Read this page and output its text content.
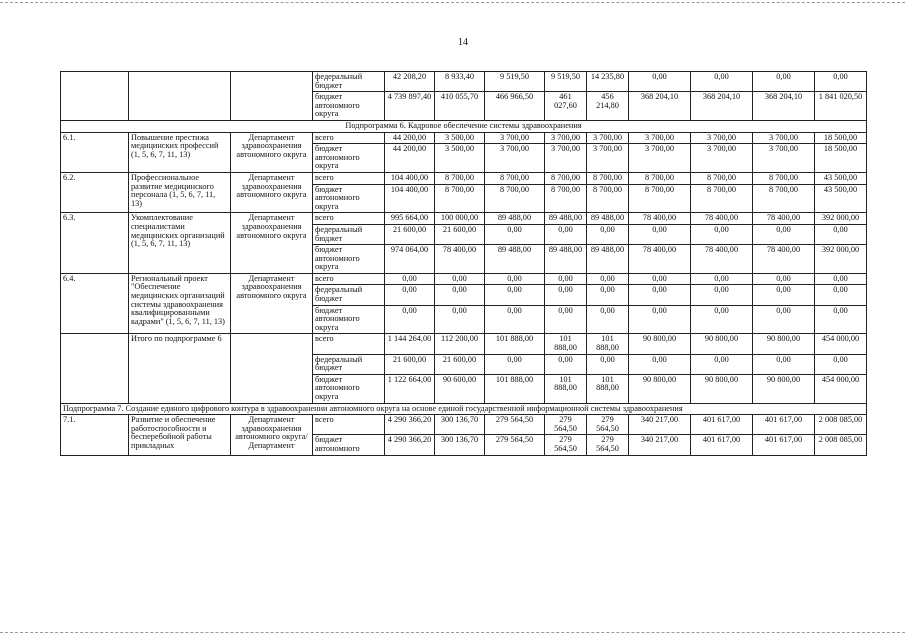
14
			федеральный бюджет	42 208,20	8 933,40	9 519,50	9 519,50	14 235,80	0,00	0,00	0,00	0,00
			бюджет автономного округа	4 739 897,40	410 055,70	466 966,50	461 027,60	456 214,80	368 204,10	368 204,10	368 204,10	1 841 020,50
Подпрограмма 6. Кадровое обеспечение системы здравоохранения												
6.1.	Повышение престижа медицинских профессий (1, 5, 6, 7, 11, 13)	Департамент здравоохранения автономного округа	всего	44 200,00	3 500,00	3 700,00	3 700,00	3 700,00	3 700,00	3 700,00	3 700,00	18 500,00
			бюджет автономного округа	44 200,00	3 500,00	3 700,00	3 700,00	3 700,00	3 700,00	3 700,00	3 700,00	18 500,00
6.2.	Профессиональное развитие медицинского персонала (1, 5, 6, 7, 11, 13)	Департамент здравоохранения автономного округа	всего	104 400,00	8 700,00	8 700,00	8 700,00	8 700,00	8 700,00	8 700,00	8 700,00	43 500,00
			бюджет автономного округа	104 400,00	8 700,00	8 700,00	8 700,00	8 700,00	8 700,00	8 700,00	8 700,00	43 500,00
6.3.	Укомплектование специалистами медицинских организаций (1, 5, 6, 7, 11, 13)	Департамент здравоохранения автономного округа	всего	995 664,00	100 000,00	89 488,00	89 488,00	89 488,00	78 400,00	78 400,00	78 400,00	392 000,00
			федеральный бюджет	21 600,00	21 600,00	0,00	0,00	0,00	0,00	0,00	0,00	0,00
			бюджет автономного округа	974 064,00	78 400,00	89 488,00	89 488,00	89 488,00	78 400,00	78 400,00	78 400,00	392 000,00
6.4.	Региональный проект "Обеспечение медицинских организаций системы здравоохранения квалифицированными кадрами" (1, 5, 6, 7, 11, 13)	Департамент здравоохранения автономного округа	всего	0,00	0,00	0,00	0,00	0,00	0,00	0,00	0,00	0,00
			федеральный бюджет	0,00	0,00	0,00	0,00	0,00	0,00	0,00	0,00	0,00
			бюджет автономного округа	0,00	0,00	0,00	0,00	0,00	0,00	0,00	0,00	0,00
	Итого по подпрограмме 6		всего	1 144 264,00	112 200,00	101 888,00	101 888,00	101 888,00	90 800,00	90 800,00	90 800,00	454 000,00
			федеральный бюджет	21 600,00	21 600,00	0,00	0,00	0,00	0,00	0,00	0,00	0,00
			бюджет автономного округа	1 122 664,00	90 600,00	101 888,00	101 888,00	101 888,00	90 800,00	90 800,00	90 800,00	454 000,00
Подпрограмма 7. Создание единого цифрового контура в здравоохранении автономного округа на основе единой государственной информационной системы здравоохранения												
7.1.	Развитие и обеспечение работоспособности и бесперебойной работы прикладных	Департамент здравоохранения автономного округа/Департамент	всего	4 290 366,20	300 136,70	279 564,50	279 564,50	279 564,50	340 217,00	401 617,00	401 617,00	2 008 085,00
			бюджет автономного	4 290 366,20	300 136,70	279 564,50	279 564,50	279 564,50	340 217,00	401 617,00	401 617,00	2 008 085,00
